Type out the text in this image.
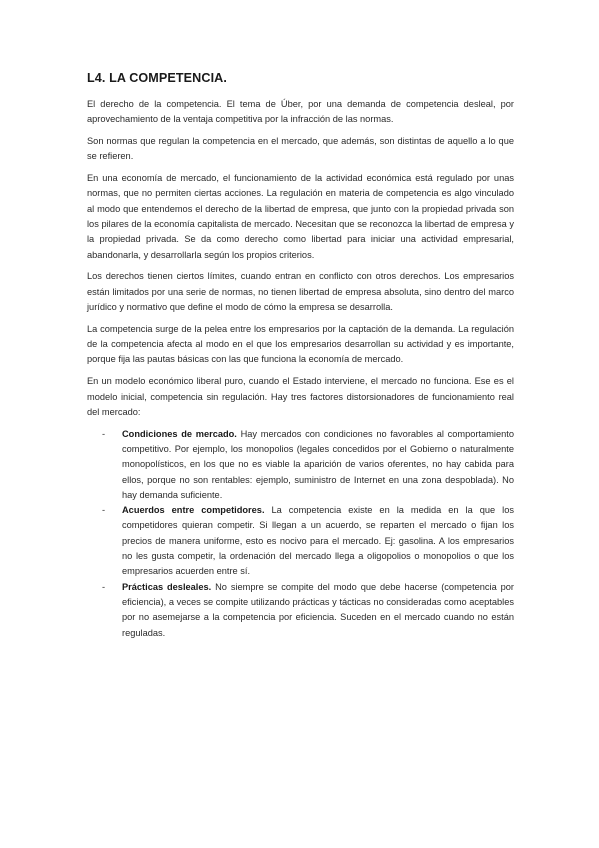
L4. LA COMPETENCIA.

El derecho de la competencia. El tema de Úber, por una demanda de competencia desleal, por aprovechamiento de la ventaja competitiva por la infracción de las normas.

Son normas que regulan la competencia en el mercado, que además, son distintas de aquello a lo que se refieren.

En una economía de mercado, el funcionamiento de la actividad económica está regulado por unas normas, que no permiten ciertas acciones. La regulación en materia de competencia es algo vinculado al modo que entendemos el derecho de la libertad de empresa, que junto con la propiedad privada son los pilares de la economía capitalista de mercado. Necesitan que se reconozca la libertad de empresa y la propiedad privada. Se da como derecho como libertad para iniciar una actividad empresarial, abandonarla, y desarrollarla según los propios criterios.

Los derechos tienen ciertos límites, cuando entran en conflicto con otros derechos. Los empresarios están limitados por una serie de normas, no tienen libertad de empresa absoluta, sino dentro del marco jurídico y normativo que define el modo de cómo la empresa se desarrolla.

La competencia surge de la pelea entre los empresarios por la captación de la demanda. La regulación de la competencia afecta al modo en el que los empresarios desarrollan su actividad y es importante, porque fija las pautas básicas con las que funciona la economía de mercado.

En un modelo económico liberal puro, cuando el Estado interviene, el mercado no funciona. Ese es el modelo inicial, competencia sin regulación. Hay tres factores distorsionadores de funcionamiento real del mercado:

- Condiciones de mercado. Hay mercados con condiciones no favorables al comportamiento competitivo. Por ejemplo, los monopolios (legales concedidos por el Gobierno o naturalmente monopolísticos, en los que no es viable la aparición de varios oferentes, no hay cabida para ellos, porque no son rentables: ejemplo, suministro de Internet en una zona despoblada). No hay demanda suficiente.
- Acuerdos entre competidores. La competencia existe en la medida en la que los competidores quieran competir. Si llegan a un acuerdo, se reparten el mercado o fijan los precios de manera uniforme, esto es nocivo para el mercado. Ej: gasolina. A los empresarios no les gusta competir, la ordenación del mercado llega a oligopolios o monopolios o que los empresarios acuerden entre sí.
- Prácticas desleales. No siempre se compite del modo que debe hacerse (competencia por eficiencia), a veces se compite utilizando prácticas y tácticas no consideradas como aceptables por no asemejarse a la competencia por eficiencia. Suceden en el mercado cuando no están reguladas.
